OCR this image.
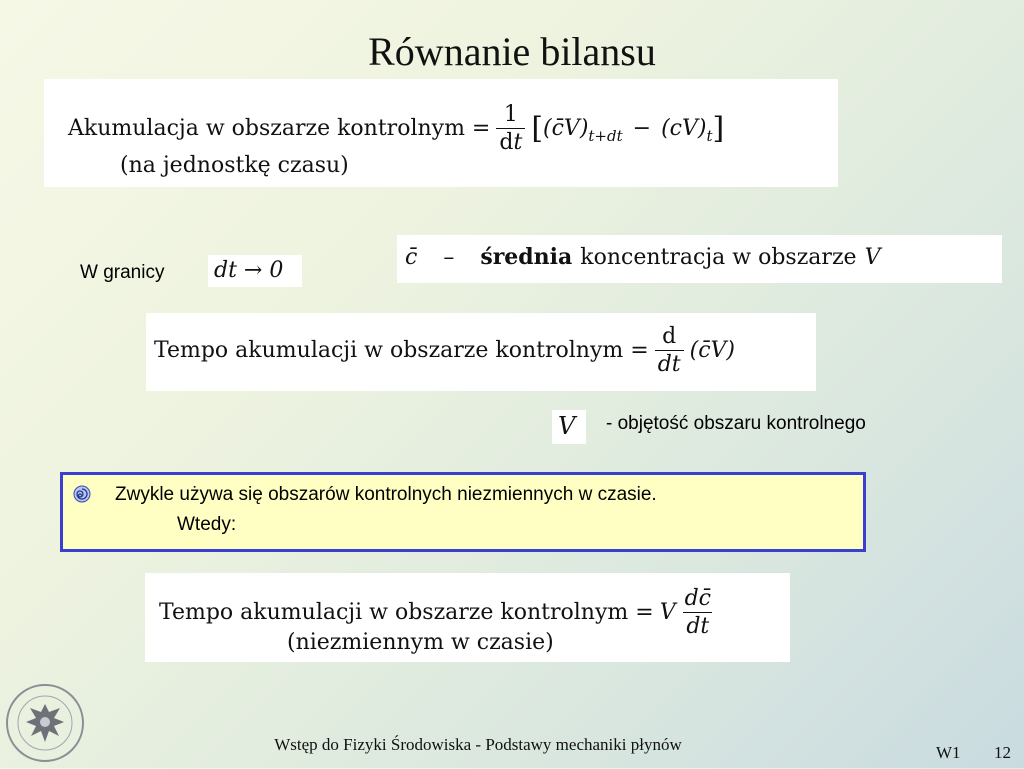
Równanie bilansu
Akumulacja w obszarze kontrolnym = $\frac{1}{dt}$ [ (c̄V) t+dt − (cV) t ]
(na jednostkę czasu)
W granicy dt → 0
c̄ – średnia koncentracja w obszarze V
Tempo akumulacji w obszarze kontrolnym = $\frac{d}{dt}$ (c̄V)
V - objętość obszaru kontrolnego
Zwykle używa się obszarów kontrolnych niezmiennych w czasie.
Wtedy:
Tempo akumulacji w obszarze kontrolnym = V $\frac{dc̄}{dt}$
(niezmiennym w czasie)
Wstęp do Fizyki Środowiska - Podstawy mechaniki płynów	W1 12
